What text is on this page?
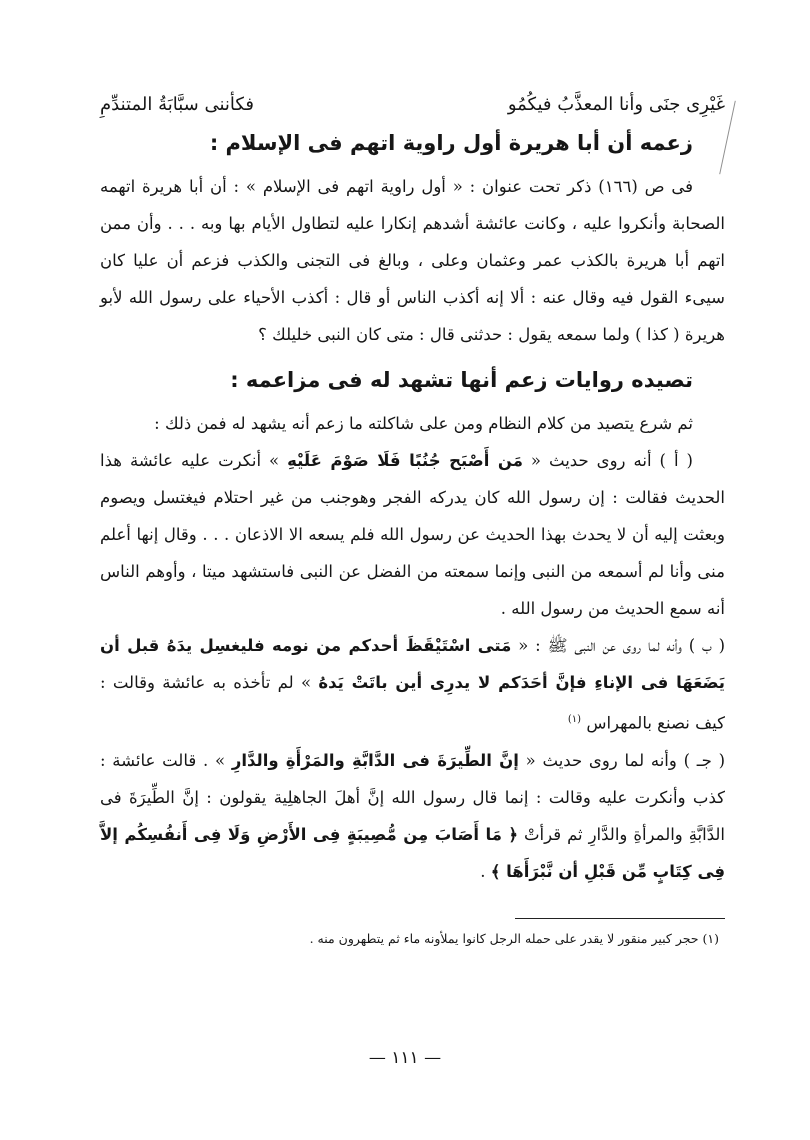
غَيْرِى جنَى وأنا المعذَّبُ فيكُمُو
فكأننى سبَّابَةُ المتندِّمِ
زعمه أن أبا هريرة أول راوية اتهم فى الإسلام :

فى ص (١٦٦) ذكر تحت عنوان : « أول راوية اتهم فى الإسلام » : أن أبا هريرة اتهمه الصحابة وأنكروا عليه ، وكانت عائشة أشدهم إنكارا عليه لتطاول الأيام بها وبه . . . وأن ممن اتهم أبا هريرة بالكذب عمر وعثمان وعلى ، وبالغ فى التجنى والكذب فزعم أن عليا كان سيىء القول فيه وقال عنه : ألا إنه أكذب الناس أو قال : أكذب الأحياء على رسول الله لأبو هريرة ( كذا ) ولما سمعه يقول : حدثنى قال : متى كان النبى خليلك ؟

تصيده روايات زعم أنها تشهد له فى مزاعمه :

ثم شرع يتصيد من كلام النظام ومن على شاكلته ما زعم أنه يشهد له فمن ذلك :

( أ ) أنه روى حديث « مَن أَصْبَح جُنُبًا فَلَا صَوْمَ عَلَيْهِ » أنكرت عليه عائشة هذا الحديث فقالت : إن رسول الله كان يدركه الفجر وهوجنب من غير احتلام فيغتسل ويصوم وبعثت إليه أن لا يحدث بهذا الحديث عن رسول الله فلم يسعه الا الاذعان . . . وقال إنها أعلم منى وأنا لم أسمعه من النبى وإنما سمعته من الفضل عن النبى فاستشهد ميتا ، وأوهم الناس أنه سمع الحديث من رسول الله .

( ب ) وأنه لما روى عن النبى ﷺ : « مَتى اسْتَيْقَظَ أحدكم من نومه فليغسِل يدَهُ قبل أن يَضَعَهَا فى الإناءِ فإنَّ أحَدَكم لا يدرِى أين باتَتْ يَدهُ » لم تأخذه به عائشة وقالت : كيف نصنع بالمهراس $^{(١)}$

( جـ ) وأنه لما روى حديث « إنَّ الطِّيرَةَ فى الدَّابَّةِ والمَرْأَةِ والدَّارِ » . قالت عائشة : كذب وأنكرت عليه وقالت : إنما قال رسول الله إنَّ أهلَ الجاهلِية يقولون : إنَّ الطِّيرَةَ فى الدَّابَّةِ والمرأةِ والدَّارِ ثم قرأتْ ﴿ مَا أَصَابَ مِن مُّصِيبَةٍ فِى الأَرْضِ وَلَا فِى أَنفُسِكُم إلاَّ فِى كِتَابٍ مِّن قَبْلِ أن نَّبْرَأَهَا ﴾ .

(١) حجر كبير منقور لا يقدر على حمله الرجل كانوا يملأونه ماء ثم يتطهرون منه .
— ١١١ —
